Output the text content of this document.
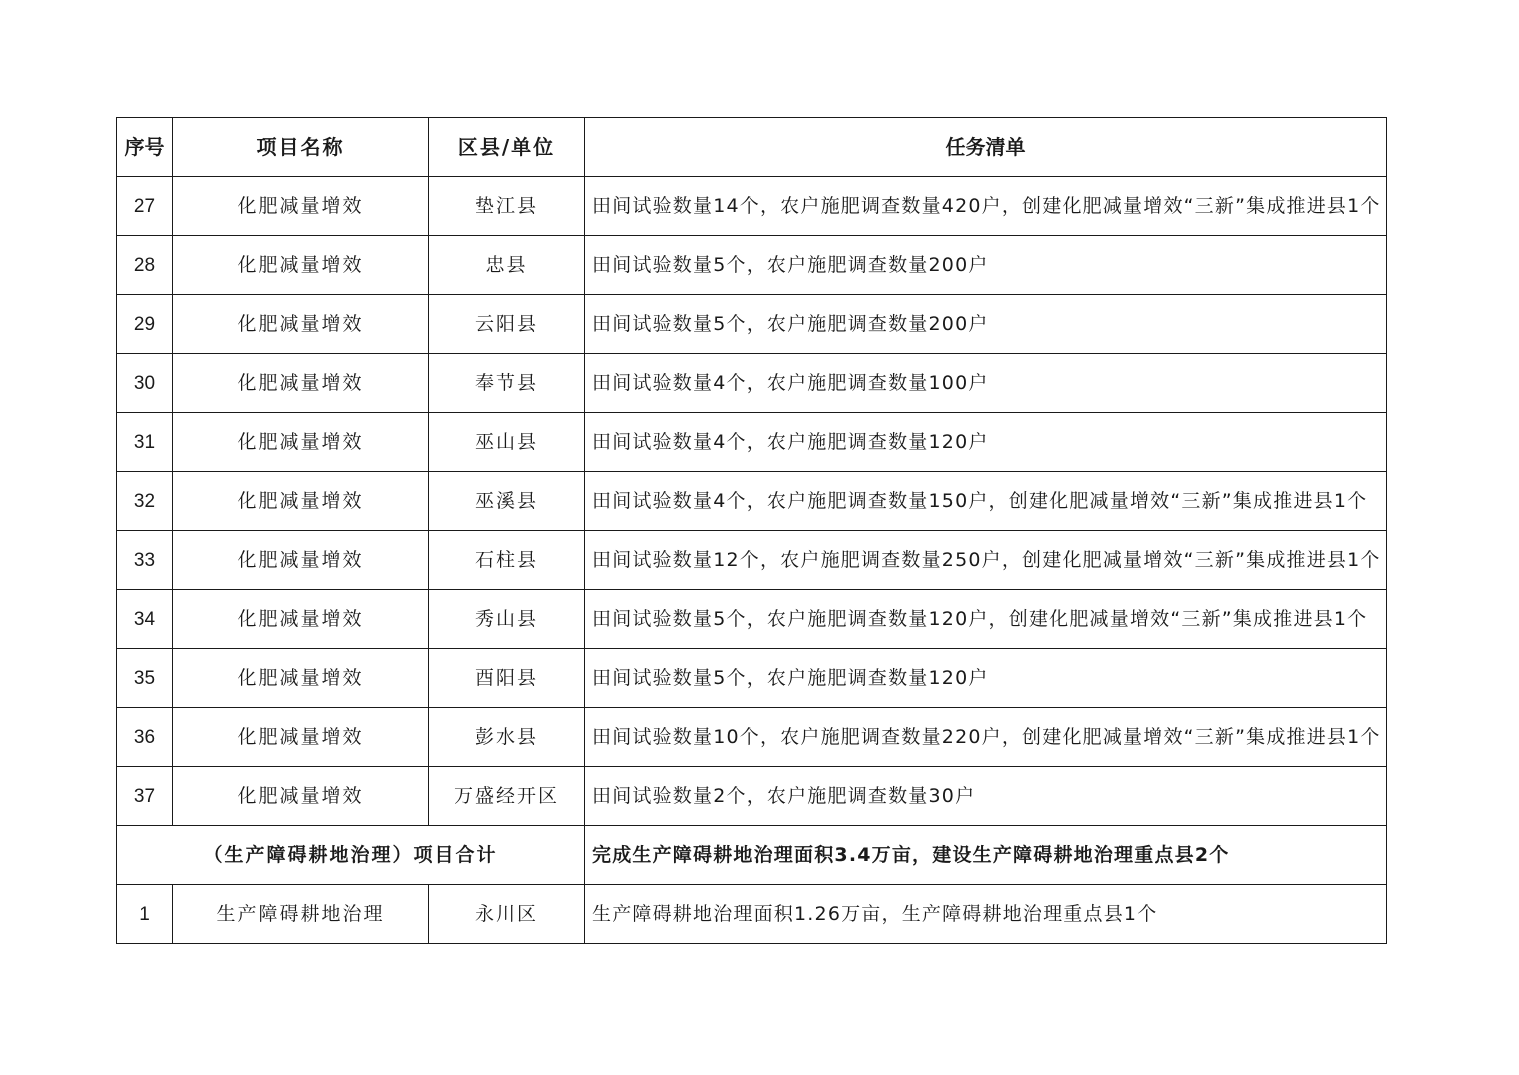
序号	项目名称	区县/单位	任务清单
27	化肥减量增效	垫江县	田间试验数量14个，农户施肥调查数量420户，创建化肥减量增效“三新”集成推进县1个
28	化肥减量增效	忠县	田间试验数量5个，农户施肥调查数量200户
29	化肥减量增效	云阳县	田间试验数量5个，农户施肥调查数量200户
30	化肥减量增效	奉节县	田间试验数量4个，农户施肥调查数量100户
31	化肥减量增效	巫山县	田间试验数量4个，农户施肥调查数量120户
32	化肥减量增效	巫溪县	田间试验数量4个，农户施肥调查数量150户，创建化肥减量增效“三新”集成推进县1个
33	化肥减量增效	石柱县	田间试验数量12个，农户施肥调查数量250户，创建化肥减量增效“三新”集成推进县1个
34	化肥减量增效	秀山县	田间试验数量5个，农户施肥调查数量120户，创建化肥减量增效“三新”集成推进县1个
35	化肥减量增效	酉阳县	田间试验数量5个，农户施肥调查数量120户
36	化肥减量增效	彭水县	田间试验数量10个，农户施肥调查数量220户，创建化肥减量增效“三新”集成推进县1个
37	化肥减量增效	万盛经开区	田间试验数量2个，农户施肥调查数量30户
（生产障碍耕地治理）项目合计			完成生产障碍耕地治理面积3.4万亩，建设生产障碍耕地治理重点县2个
1	生产障碍耕地治理	永川区	生产障碍耕地治理面积1.26万亩，生产障碍耕地治理重点县1个
